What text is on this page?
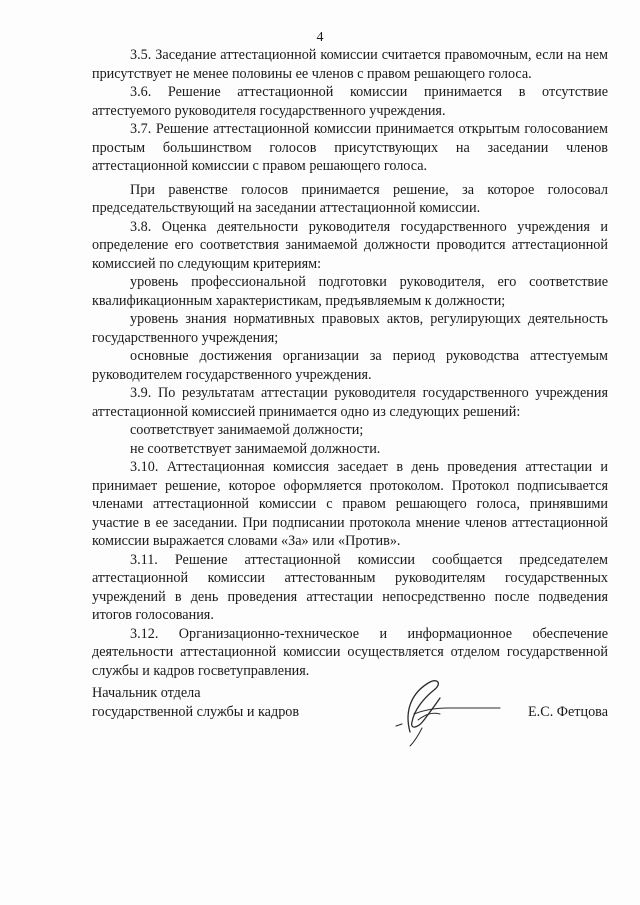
4

3.5. Заседание аттестационной комиссии считается правомочным, если на нем присутствует не менее половины ее членов с правом решающего голоса.

3.6. Решение аттестационной комиссии принимается в отсутствие аттестуемого руководителя государственного учреждения.

3.7. Решение аттестационной комиссии принимается открытым голосованием простым большинством голосов присутствующих на заседании членов аттестационной комиссии с правом решающего голоса.

При равенстве голосов принимается решение, за которое голосовал председательствующий на заседании аттестационной комиссии.

3.8. Оценка деятельности руководителя государственного учреждения и определение его соответствия занимаемой должности проводится аттестационной комиссией по следующим критериям:

уровень профессиональной подготовки руководителя, его соответствие квалификационным характеристикам, предъявляемым к должности;

уровень знания нормативных правовых актов, регулирующих деятельность государственного учреждения;

основные достижения организации за период руководства аттестуемым руководителем государственного учреждения.

3.9. По результатам аттестации руководителя государственного учреждения аттестационной комиссией принимается одно из следующих решений:

соответствует занимаемой должности;

не соответствует занимаемой должности.

3.10. Аттестационная комиссия заседает в день проведения аттестации и принимает решение, которое оформляется протоколом. Протокол подписывается членами аттестационной комиссии с правом решающего голоса, принявшими участие в ее заседании. При подписании протокола мнение членов аттестационной комиссии выражается словами «За» или «Против».

3.11. Решение аттестационной комиссии сообщается председателем аттестационной комиссии аттестованным руководителям государственных учреждений в день проведения аттестации непосредственно после подведения итогов голосования.

3.12. Организационно-техническое и информационное обеспечение деятельности аттестационной комиссии осуществляется отделом государственной службы и кадров госветуправления.

Начальник отдела
государственной службы и кадров	Е.С. Фетцова
